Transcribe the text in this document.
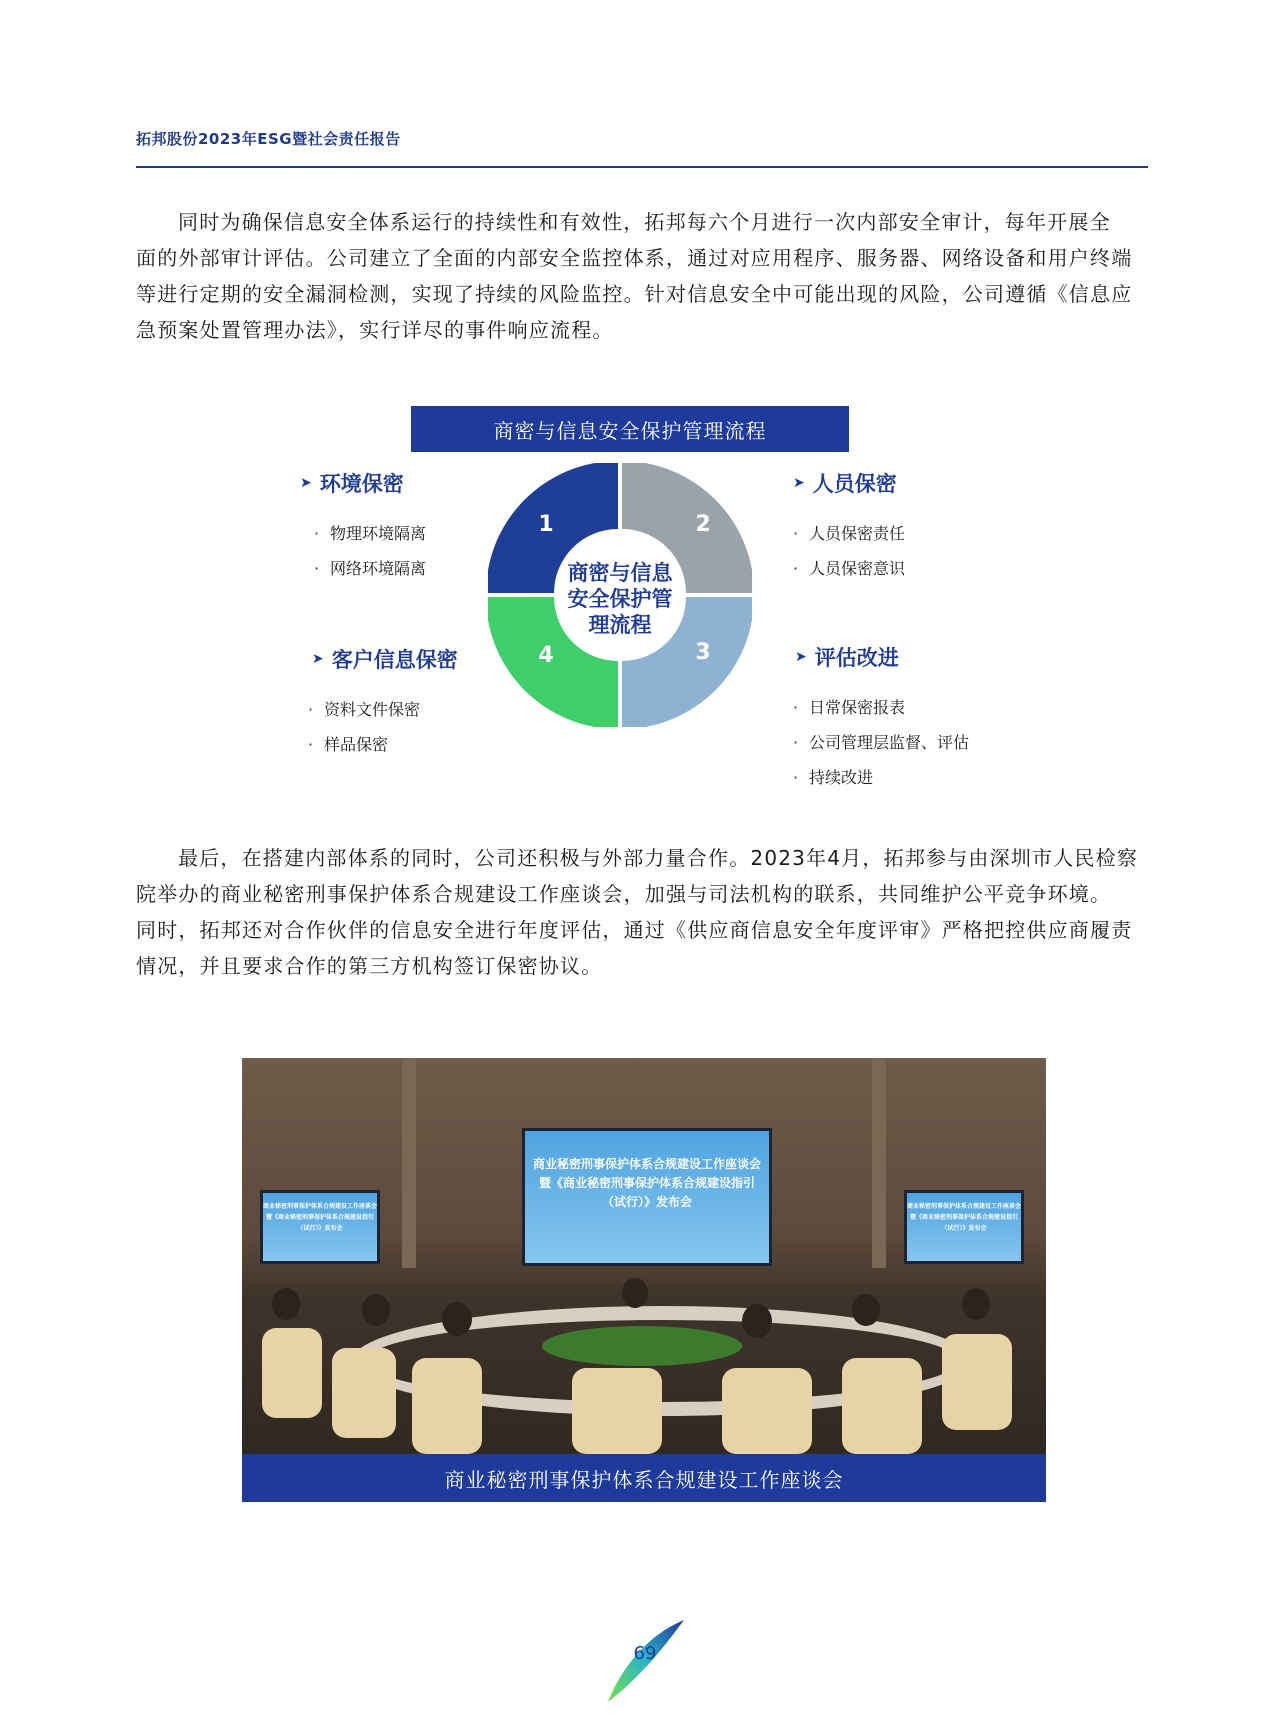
拓邦股份2023年ESG暨社会责任报告
同时为确保信息安全体系运行的持续性和有效性，拓邦每六个月进行一次内部安全审计，每年开展全
面的外部审计评估。公司建立了全面的内部安全监控体系，通过对应用程序、服务器、网络设备和用户终端
等进行定期的安全漏洞检测，实现了持续的风险监控。针对信息安全中可能出现的风险，公司遵循《信息应
急预案处置管理办法》，实行详尽的事件响应流程。
商密与信息安全保护管理流程
商密与信息
安全保护管
理流程
1	2
3
4
➤ 环境保密
· 物理环境隔离
· 网络环境隔离
➤ 人员保密
· 人员保密责任
· 人员保密意识
➤ 客户信息保密
· 资料文件保密
· 样品保密
➤ 评估改进
· 日常保密报表
· 公司管理层监督、评估
· 持续改进
最后，在搭建内部体系的同时，公司还积极与外部力量合作。2023年4月，拓邦参与由深圳市人民检察
院举办的商业秘密刑事保护体系合规建设工作座谈会，加强与司法机构的联系，共同维护公平竞争环境。
同时，拓邦还对合作伙伴的信息安全进行年度评估，通过《供应商信息安全年度评审》严格把控供应商履责
情况，并且要求合作的第三方机构签订保密协议。
商业秘密刑事保护体系合规建设工作座谈会
暨《商业秘密刑事保护体系合规建设指引
（试行）》发布会
商业秘密刑事保护体系合规建设工作座谈会
暨《商业秘密刑事保护体系合规建设指引
（试行）》发布会
商业秘密刑事保护体系合规建设工作座谈会
暨《商业秘密刑事保护体系合规建设指引
（试行）》发布会
商业秘密刑事保护体系合规建设工作座谈会
69
